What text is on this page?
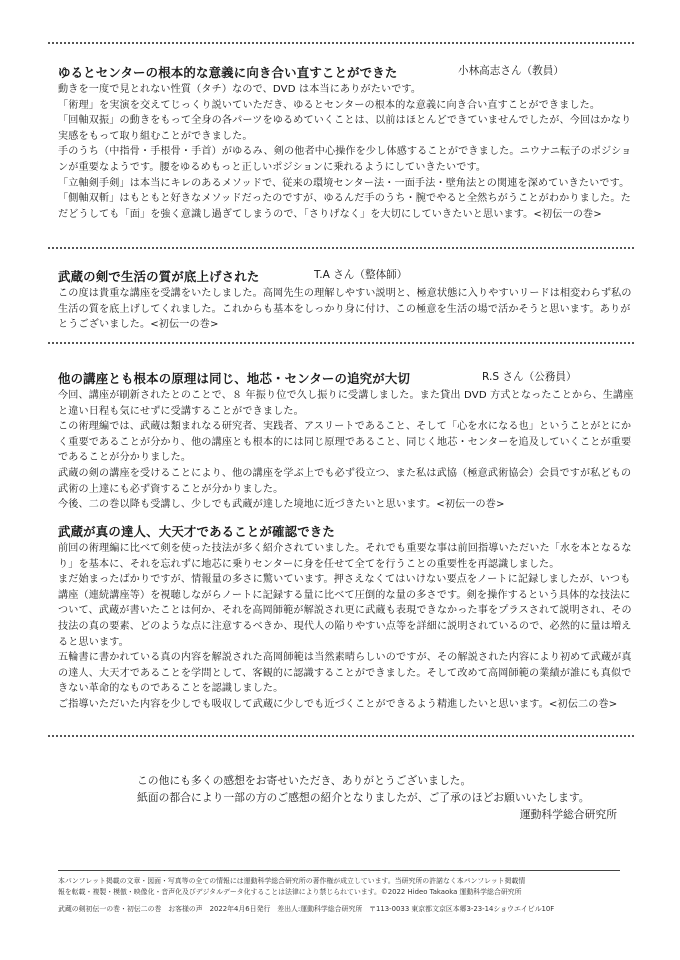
ゆるとセンターの根本的な意義に向き合い直すことができた	小林高志さん（教員）

動きを一度で見とれない性質（タチ）なので、DVD は本当にありがたいです。

「術理」を実演を交えてじっくり説いていただき、ゆるとセンターの根本的な意義に向き合い直すことができました。

「回軸双振」の動きをもって全身の各パーツをゆるめていくことは、以前はほとんどできていませんでしたが、今回はかなり実感をもって取り組むことができました。

手のうち（中指骨・手根骨・手首）がゆるみ、剣の他者中心操作を少し体感することができました。ニウナニ転子のポジションが重要なようです。腰をゆるめもっと正しいポジションに乗れるようにしていきたいです。

「立軸剣手剣」は本当にキレのあるメソッドで、従来の環境センター法・一面手法・壁角法との関連を深めていきたいです。

「側軸双斬」はもともと好きなメソッドだったのですが、ゆるんだ手のうち・腕でやると全然ちがうことがわかりました。ただどうしても「面」を強く意識し過ぎてしまうので、「さりげなく」を大切にしていきたいと思います。<初伝一の巻>

武蔵の剣で生活の質が底上げされた	T.A さん（整体師）

この度は貴重な講座を受講をいたしました。高岡先生の理解しやすい説明と、極意状態に入りやすいリードは相変わらず私の生活の質を底上げしてくれました。これからも基本をしっかり身に付け、この極意を生活の場で活かそうと思います。ありがとうございました。<初伝一の巻>

他の講座とも根本の原理は同じ、地芯・センターの追究が大切	R.S さん（公務員）

今回、講座が刷新されたとのことで、８ 年振り位で久し振りに受講しました。また貸出 DVD 方式となったことから、生講座と違い日程も気にせずに受講することができました。

この術理編では、武蔵は類まれなる研究者、実践者、アスリートであること、そして「心を水になる也」ということがとにかく重要であることが分かり、他の講座とも根本的には同じ原理であること、同じく地芯・センターを追及していくことが重要であることが分かりました。

武蔵の剣の講座を受けることにより、他の講座を学ぶ上でも必ず役立つ、また私は武協（極意武術協会）会員ですが私どもの武術の上達にも必ず資することが分かりました。

今後、二の巻以降も受講し、少しでも武蔵が達した境地に近づきたいと思います。<初伝一の巻>

武蔵が真の達人、大天才であることが確認できた

前回の術理編に比べて剣を使った技法が多く紹介されていました。それでも重要な事は前回指導いただいた「水を本となるなり」を基本に、それを忘れずに地芯に乗りセンターに身を任せて全てを行うことの重要性を再認識しました。

まだ始まったばかりですが、情報量の多さに驚いています。押さえなくてはいけない要点をノートに記録しましたが、いつも講座（連続講座等）を視聴しながらノートに記録する量に比べて圧倒的な量の多さです。剣を操作するという具体的な技法について、武蔵が書いたことは何か、それを高岡師範が解説され更に武蔵も表現できなかった事をプラスされて説明され、その技法の真の要素、どのような点に注意するべきか、現代人の陥りやすい点等を詳細に説明されているので、必然的に量は増えると思います。

五輪書に書かれている真の内容を解説された高岡師範は当然素晴らしいのですが、その解説された内容により初めて武蔵が真の達人、大天才であることを学問として、客観的に認識することができました。そして改めて高岡師範の業績が誰にも真似できない革命的なものであることを認識しました。

ご指導いただいた内容を少しでも吸収して武蔵に少しでも近づくことができるよう精進したいと思います。<初伝二の巻>

この他にも多くの感想をお寄せいただき、ありがとうございました。

紙面の都合により一部の方のご感想の紹介となりましたが、ご了承のほどお願いいたします。

運動科学総合研究所

本パンフレット掲載の文章・図面・写真等の全ての情報には運動科学総合研究所の著作権が成立しています。当研究所の許諾なく本パンフレット掲載情

報を転載・複製・模倣・映像化・音声化及びデジタルデータ化することは法律により禁じられています。©2022 Hideo Takaoka 運動科学総合研究所

武蔵の剣初伝一の巻・初伝二の巻　お客様の声　2022年4月6日発行　差出人:運動科学総合研究所　〒113-0033 東京都文京区本郷3-23-14ショウエイビル10F
